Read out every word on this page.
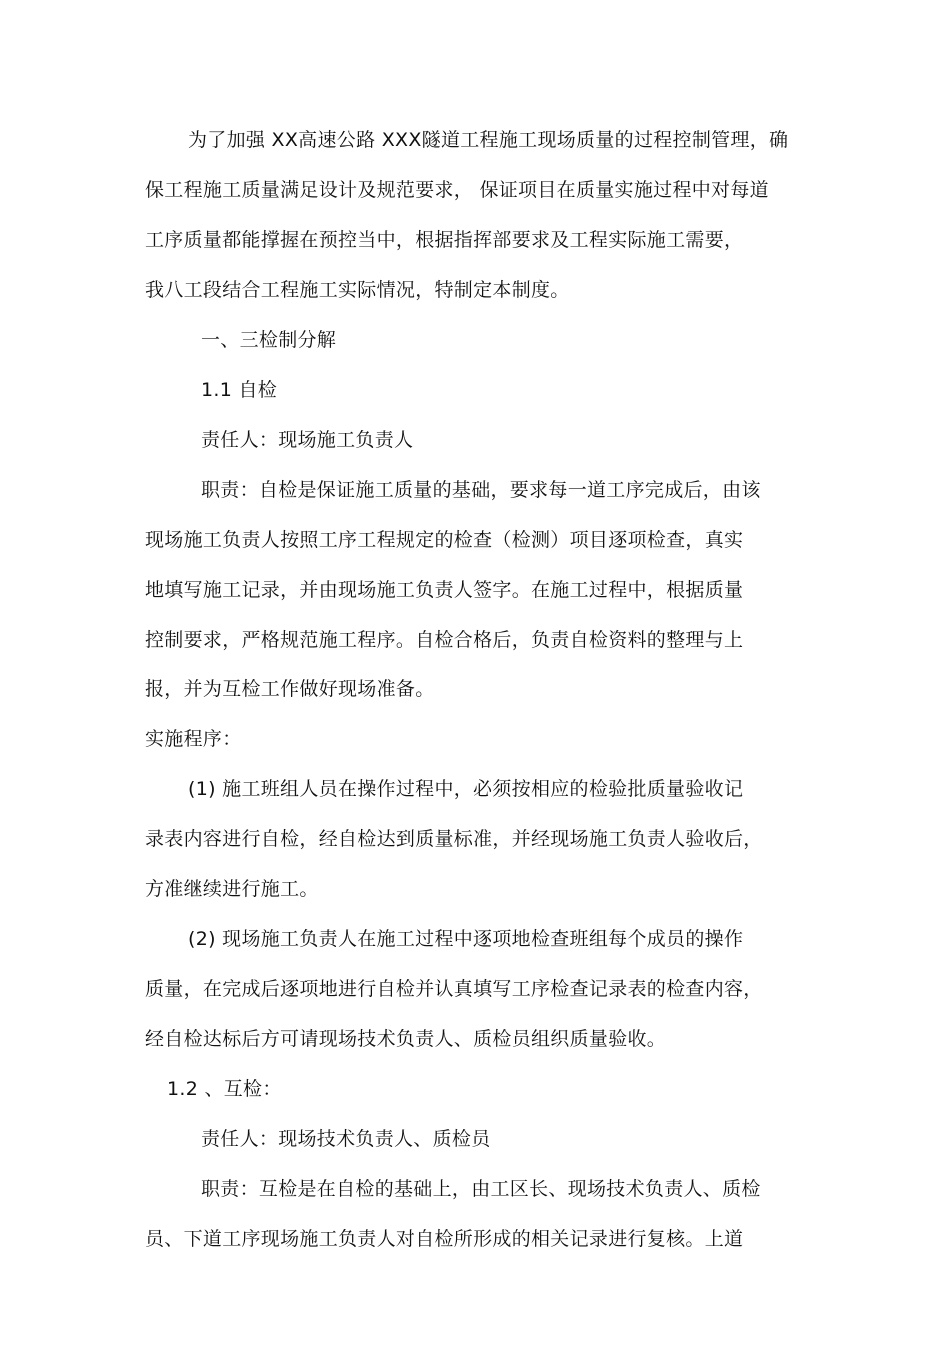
为了加强 XX高速公路 XXX隧道工程施工现场质量的过程控制管理，确
保工程施工质量满足设计及规范要求， 保证项目在质量实施过程中对每道
工序质量都能撑握在预控当中，根据指挥部要求及工程实际施工需要，
我八工段结合工程施工实际情况，特制定本制度。
一、三检制分解
1.1 自检
责任人：现场施工负责人
职责：自检是保证施工质量的基础，要求每一道工序完成后，由该
现场施工负责人按照工序工程规定的检查（检测）项目逐项检查，真实
地填写施工记录，并由现场施工负责人签字。在施工过程中，根据质量
控制要求，严格规范施工程序。自检合格后，负责自检资料的整理与上
报，并为互检工作做好现场准备。
实施程序：
(1) 施工班组人员在操作过程中，必须按相应的检验批质量验收记
录表内容进行自检，经自检达到质量标准，并经现场施工负责人验收后，
方准继续进行施工。
(2) 现场施工负责人在施工过程中逐项地检查班组每个成员的操作
质量，在完成后逐项地进行自检并认真填写工序检查记录表的检查内容，
经自检达标后方可请现场技术负责人、质检员组织质量验收。
1.2 、互检：
责任人：现场技术负责人、质检员
职责：互检是在自检的基础上，由工区长、现场技术负责人、质检
员、下道工序现场施工负责人对自检所形成的相关记录进行复核。上道
